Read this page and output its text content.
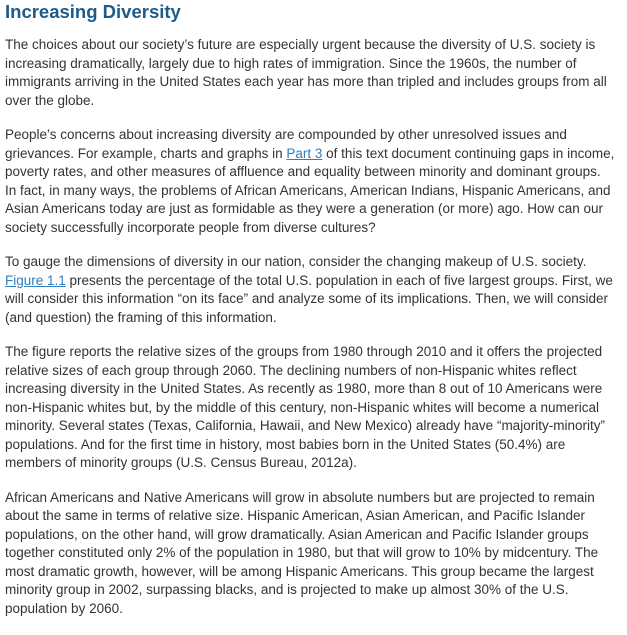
Increasing Diversity

The choices about our society’s future are especially urgent because the diversity of U.S. society is increasing dramatically, largely due to high rates of immigration. Since the 1960s, the number of immigrants arriving in the United States each year has more than tripled and includes groups from all over the globe.

People’s concerns about increasing diversity are compounded by other unresolved issues and grievances. For example, charts and graphs in Part 3 of this text document continuing gaps in income, poverty rates, and other measures of affluence and equality between minority and dominant groups. In fact, in many ways, the problems of African Americans, American Indians, Hispanic Americans, and Asian Americans today are just as formidable as they were a generation (or more) ago. How can our society successfully incorporate people from diverse cultures?

To gauge the dimensions of diversity in our nation, consider the changing makeup of U.S. society. Figure 1.1 presents the percentage of the total U.S. population in each of five largest groups. First, we will consider this information “on its face” and analyze some of its implications. Then, we will consider (and question) the framing of this information.

The figure reports the relative sizes of the groups from 1980 through 2010 and it offers the projected relative sizes of each group through 2060. The declining numbers of non-Hispanic whites reflect increasing diversity in the United States. As recently as 1980, more than 8 out of 10 Americans were non-Hispanic whites but, by the middle of this century, non-Hispanic whites will become a numerical minority. Several states (Texas, California, Hawaii, and New Mexico) already have “majority-minority” populations. And for the first time in history, most babies born in the United States (50.4%) are members of minority groups (U.S. Census Bureau, 2012a).

African Americans and Native Americans will grow in absolute numbers but are projected to remain about the same in terms of relative size. Hispanic American, Asian American, and Pacific Islander populations, on the other hand, will grow dramatically. Asian American and Pacific Islander groups together constituted only 2% of the population in 1980, but that will grow to 10% by midcentury. The most dramatic growth, however, will be among Hispanic Americans. This group became the largest minority group in 2002, surpassing blacks, and is projected to make up almost 30% of the U.S. population by 2060.
